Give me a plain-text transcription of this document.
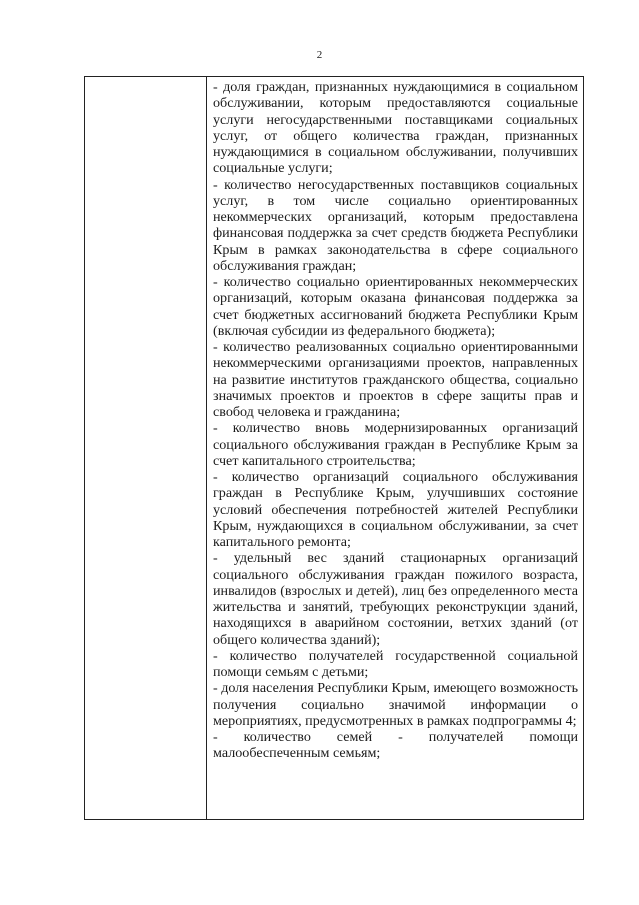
2

- доля граждан, признанных нуждающимися в социальном обслуживании, которым предоставляются социальные услуги негосударственными поставщиками социальных услуг, от общего количества граждан, признанных нуждающимися в социальном обслуживании, получивших социальные услуги;

- количество негосударственных поставщиков социальных услуг, в том числе социально ориентированных некоммерческих организаций, которым предоставлена финансовая поддержка за счет средств бюджета Республики Крым в рамках законодательства в сфере социального обслуживания граждан;

- количество социально ориентированных некоммерческих организаций, которым оказана финансовая поддержка за счет бюджетных ассигнований бюджета Республики Крым (включая субсидии из федерального бюджета);

- количество реализованных социально ориентированными некоммерческими организациями проектов, направленных на развитие институтов гражданского общества, социально значимых проектов и проектов в сфере защиты прав и свобод человека и гражданина;

- количество вновь модернизированных организаций социального обслуживания граждан в Республике Крым за счет капитального строительства;

- количество организаций социального обслуживания граждан в Республике Крым, улучшивших состояние условий обеспечения потребностей жителей Республики Крым, нуждающихся в социальном обслуживании, за счет капитального ремонта;

- удельный вес зданий стационарных организаций социального обслуживания граждан пожилого возраста, инвалидов (взрослых и детей), лиц без определенного места жительства и занятий, требующих реконструкции зданий, находящихся в аварийном состоянии, ветхих зданий (от общего количества зданий);

- количество получателей государственной социальной помощи семьям с детьми;

- доля населения Республики Крым, имеющего возможность получения социально значимой информации о мероприятиях, предусмотренных в рамках подпрограммы 4;

- количество семей - получателей помощи малообеспеченным семьям;
